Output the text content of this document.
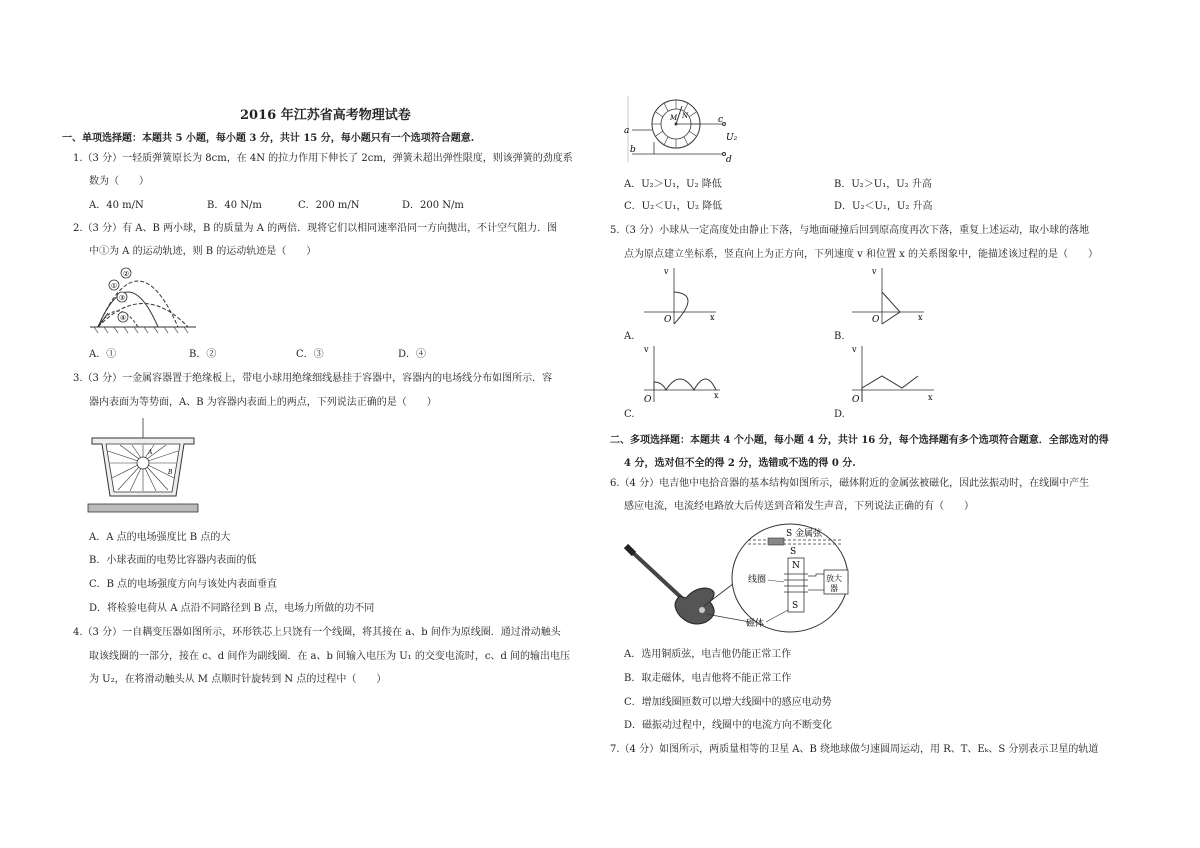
2016 年江苏省高考物理试卷
一、单项选择题：本题共 5 小题，每小题 3 分，共计 15 分，每小题只有一个选项符合题意.
1.（3 分）一轻质弹簧原长为 8cm，在 4N 的拉力作用下伸长了 2cm，弹簧未超出弹性限度，则该弹簧的劲度系
数为（　　）
A．40 m/N	B．40 N/m	C．200 m/N	D．200 N/m
2.（3 分）有 A、B 两小球，B 的质量为 A 的两倍．现将它们以相同速率沿同一方向抛出，不计空气阻力．图
中①为 A 的运动轨迹，则 B 的运动轨迹是（　　）
②
①
③
④
A．①	B．②	C．③	D．④
3.（3 分）一金属容器置于绝缘板上，带电小球用绝缘细线悬挂于容器中，容器内的电场线分布如图所示．容
器内表面为等势面，A、B 为容器内表面上的两点，下列说法正确的是（　　）
A
B
A．A 点的电场强度比 B 点的大
B．小球表面的电势比容器内表面的低
C．B 点的电场强度方向与该处内表面垂直
D．将检验电荷从 A 点沿不同路径到 B 点，电场力所做的功不同
4.（3 分）一自耦变压器如图所示，环形铁芯上只饶有一个线圈，将其接在 a、b 间作为原线圈．通过滑动触头
取该线圈的一部分，接在 c、d 间作为副线圈．在 a、b 间输入电压为 U₁ 的交变电流时，c、d 间的输出电压
为 U₂，在将滑动触头从 M 点顺时针旋转到 N 点的过程中（　　）
a
b
c
d
M N
U₂
A．U₂＞U₁，U₂ 降低	B．U₂＞U₁，U₂ 升高
C．U₂＜U₁，U₂ 降低	D．U₂＜U₁，U₂ 升高
5.（3 分）小球从一定高度处由静止下落，与地面碰撞后回到原高度再次下落，重复上述运动，取小球的落地
点为原点建立坐标系，竖直向上为正方向，下列速度 v 和位置 x 的关系图象中，能描述该过程的是（　　）
v
x
O
A.
v
x
O
B.
v
x
O
C.
v
x
O
D.
二、多项选择题：本题共 4 个小题，每小题 4 分，共计 16 分，每个选择题有多个选项符合题意．全部选对的得
4 分，选对但不全的得 2 分，选错或不选的得 0 分.
6.（4 分）电吉他中电拾音器的基本结构如图所示，磁体附近的金属弦被磁化，因此弦振动时，在线圈中产生
感应电流，电流经电路放大后传送到音箱发生声音，下列说法正确的有（　　）
S 金属弦
S
N
S
线圈
磁体
放大
器
A．选用铜质弦，电吉他仍能正常工作
B．取走磁体，电吉他将不能正常工作
C．增加线圈匝数可以增大线圈中的感应电动势
D．磁振动过程中，线圈中的电流方向不断变化
7.（4 分）如图所示，两质量相等的卫星 A、B 绕地球做匀速圆周运动，用 R、T、Eₖ、S 分别表示卫星的轨道
